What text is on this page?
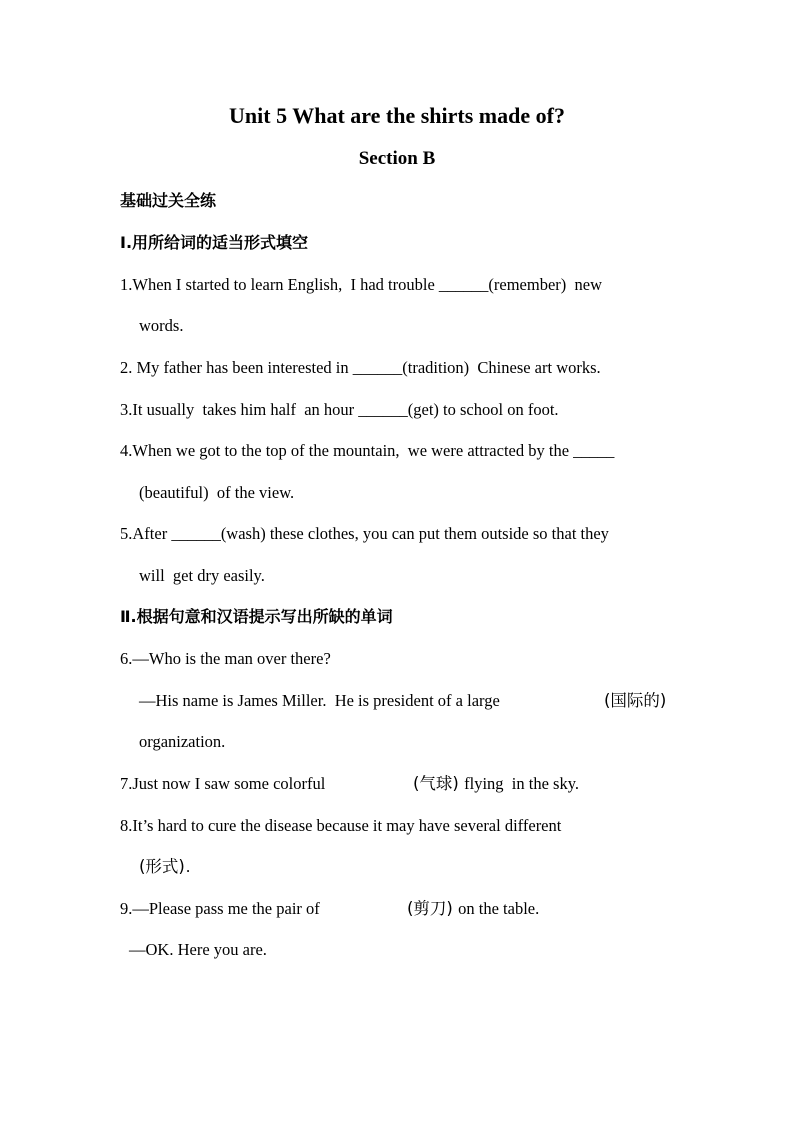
Unit 5 What are the shirts made of?
Section B
基础过关全练
Ⅰ.用所给词的适当形式填空
1.When I started to learn English,  I had trouble ______(remember)  new
words.
2. My father has been interested in ______(tradition)  Chinese art works.
3.It usually  takes him half  an hour ______(get) to school on foot.
4.When we got to the top of the mountain,  we were attracted by the _____
(beautiful)  of the view.
5.After ______(wash) these clothes, you can put them outside so that they
will  get dry easily.
Ⅱ.根据句意和汉语提示写出所缺的单词
6.—Who is the man over there?
—His name is James Miller.  He is president of a large	(国际的)
organization.
7.Just now I saw some colorful	(气球) flying  in the sky.
8.It’s hard to cure the disease because it may have several different
(形式) .
9.—Please pass me the pair of	(剪刀) on the table.
—OK. Here you are.
